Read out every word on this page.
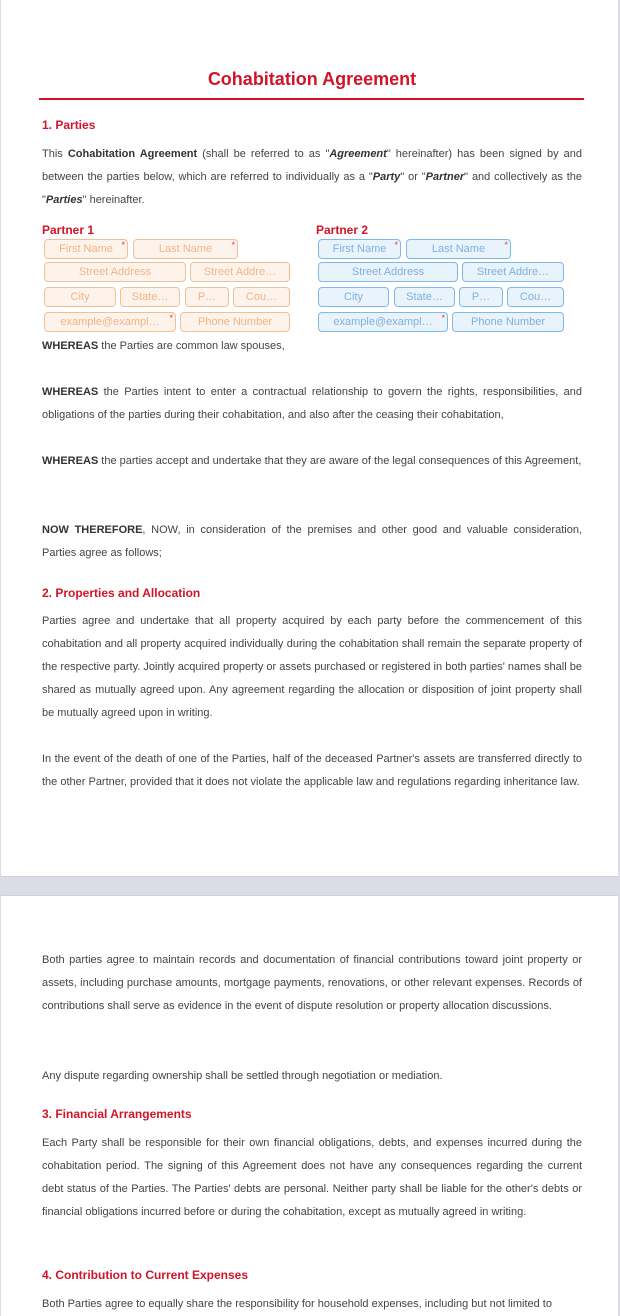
Cohabitation Agreement
1. Parties
This Cohabitation Agreement (shall be referred to as "Agreement" hereinafter) has been signed by and between the parties below, which are referred to individually as a "Party" or "Partner" and collectively as the "Parties" hereinafter.
Partner 1
First Name *	Last Name *
Street Address	Street Addre…
City	State…	P…	Cou…
example@exampl… *	Phone Number
Partner 2
First Name *	Last Name *
Street Address	Street Addre…
City	State…	P…	Cou…
example@exampl… *	Phone Number
WHEREAS the Parties are common law spouses,
WHEREAS the Parties intent to enter a contractual relationship to govern the rights, responsibilities, and obligations of the parties during their cohabitation, and also after the ceasing their cohabitation,
WHEREAS the parties accept and undertake that they are aware of the legal consequences of this Agreement,
NOW THEREFORE, NOW, in consideration of the premises and other good and valuable consideration, Parties agree as follows;
2. Properties and Allocation
Parties agree and undertake that all property acquired by each party before the commencement of this cohabitation and all property acquired individually during the cohabitation shall remain the separate property of the respective party. Jointly acquired property or assets purchased or registered in both parties' names shall be shared as mutually agreed upon. Any agreement regarding the allocation or disposition of joint property shall be mutually agreed upon in writing.
In the event of the death of one of the Parties, half of the deceased Partner's assets are transferred directly to the other Partner, provided that it does not violate the applicable law and regulations regarding inheritance law.
Both parties agree to maintain records and documentation of financial contributions toward joint property or assets, including purchase amounts, mortgage payments, renovations, or other relevant expenses. Records of contributions shall serve as evidence in the event of dispute resolution or property allocation discussions.
Any dispute regarding ownership shall be settled through negotiation or mediation.
3. Financial Arrangements
Each Party shall be responsible for their own financial obligations, debts, and expenses incurred during the cohabitation period. The signing of this Agreement does not have any consequences regarding the current debt status of the Parties. The Parties' debts are personal. Neither party shall be liable for the other's debts or financial obligations incurred before or during the cohabitation, except as mutually agreed in writing.
4. Contribution to Current Expenses
Both Parties agree to equally share the responsibility for household expenses, including but not limited to
